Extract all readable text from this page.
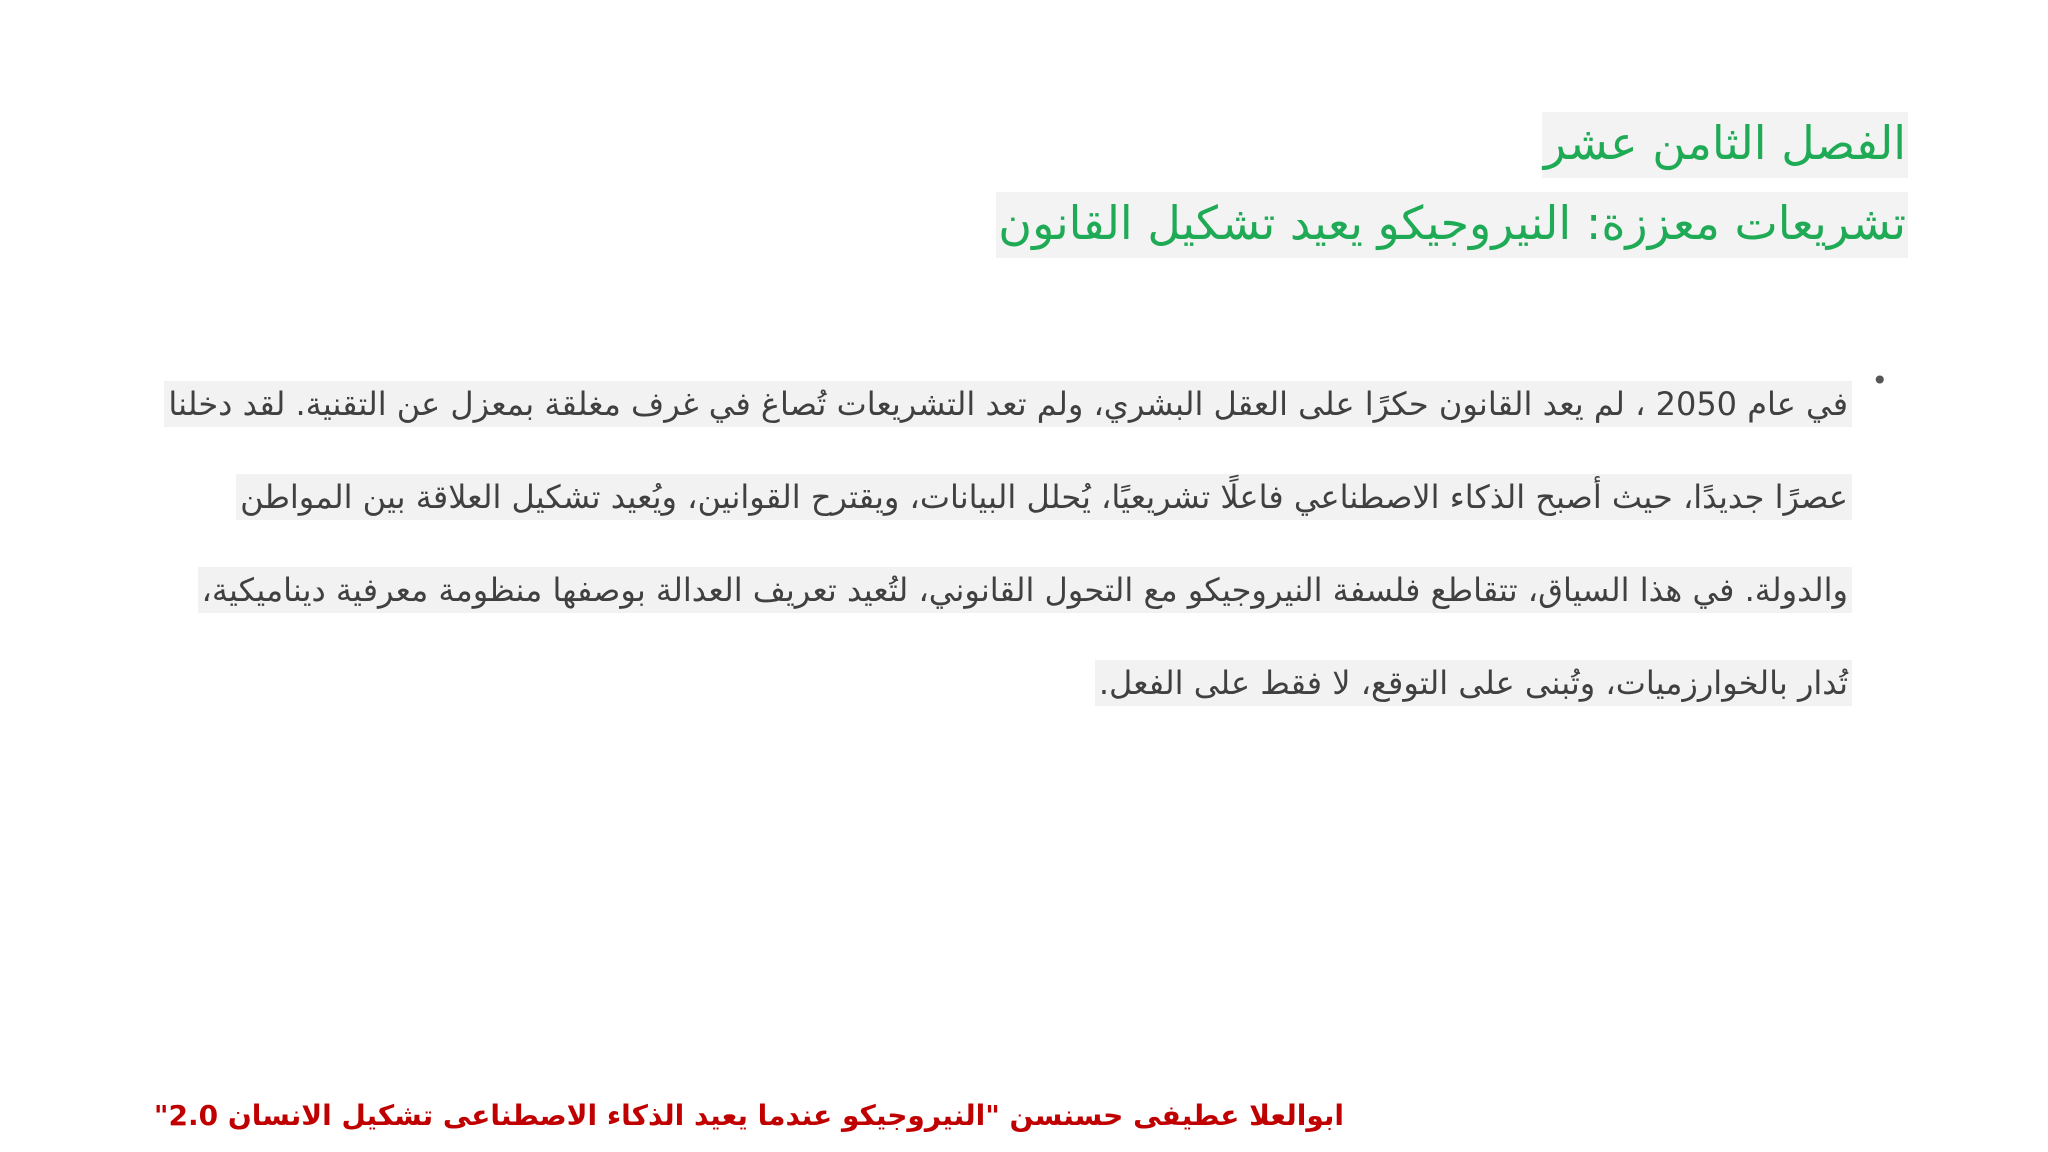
الفصل الثامن عشر
تشريعات معززة: النيروجيكو يعيد تشكيل القانون
•
في عام 2050 ، لم يعد القانون حكرًا على العقل البشري، ولم تعد التشريعات تُصاغ في غرف مغلقة بمعزل عن التقنية. لقد دخلنا عصرًا جديدًا، حيث أصبح الذكاء الاصطناعي فاعلًا تشريعيًا، يُحلل البيانات، ويقترح القوانين، ويُعيد تشكيل العلاقة بين المواطن والدولة. في هذا السياق، تتقاطع فلسفة النيروجيكو مع التحول القانوني، لتُعيد تعريف العدالة بوصفها منظومة معرفية ديناميكية، تُدار بالخوارزميات، وتُبنى على التوقع، لا فقط على الفعل.
ابوالعلا عطيفى حسنسن "النيروجيكو عندما يعيد الذكاء الاصطناعى تشكيل الانسان 2.0"
